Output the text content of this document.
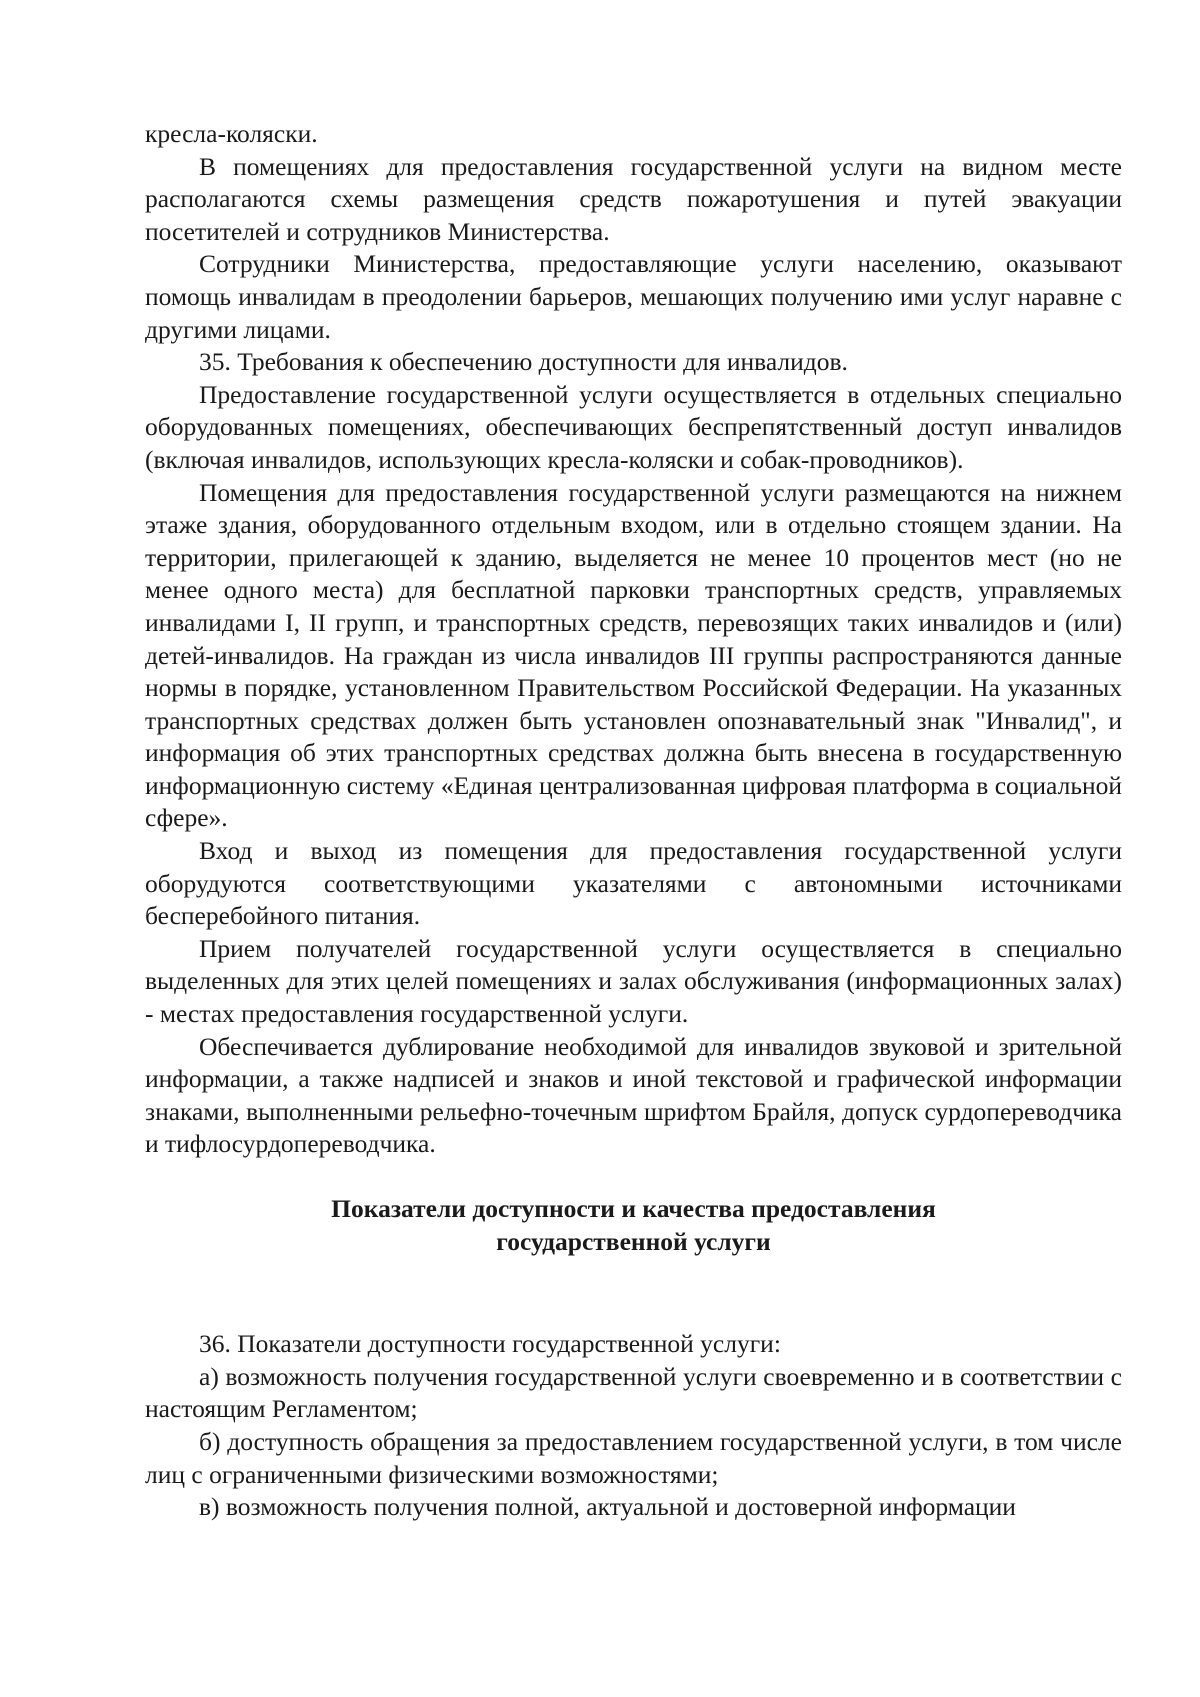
кресла-коляски.

В помещениях для предоставления государственной услуги на видном месте располагаются схемы размещения средств пожаротушения и путей эвакуации посетителей и сотрудников Министерства.

Сотрудники Министерства, предоставляющие услуги населению, оказывают помощь инвалидам в преодолении барьеров, мешающих получению ими услуг наравне с другими лицами.

35. Требования к обеспечению доступности для инвалидов.

Предоставление государственной услуги осуществляется в отдельных специально оборудованных помещениях, обеспечивающих беспрепятственный доступ инвалидов (включая инвалидов, использующих кресла-коляски и собак-проводников).

Помещения для предоставления государственной услуги размещаются на нижнем этаже здания, оборудованного отдельным входом, или в отдельно стоящем здании. На территории, прилегающей к зданию, выделяется не менее 10 процентов мест (но не менее одного места) для бесплатной парковки транспортных средств, управляемых инвалидами I, II групп, и транспортных средств, перевозящих таких инвалидов и (или) детей-инвалидов. На граждан из числа инвалидов III группы распространяются данные нормы в порядке, установленном Правительством Российской Федерации. На указанных транспортных средствах должен быть установлен опознавательный знак "Инвалид", и информация об этих транспортных средствах должна быть внесена в государственную информационную систему «Единая централизованная цифровая платформа в социальной сфере».

Вход и выход из помещения для предоставления государственной услуги оборудуются соответствующими указателями с автономными источниками бесперебойного питания.

Прием получателей государственной услуги осуществляется в специально выделенных для этих целей помещениях и залах обслуживания (информационных залах) - местах предоставления государственной услуги.

Обеспечивается дублирование необходимой для инвалидов звуковой и зрительной информации, а также надписей и знаков и иной текстовой и графической информации знаками, выполненными рельефно-точечным шрифтом Брайля, допуск сурдопереводчика и тифлосурдопереводчика.

Показатели доступности и качества предоставления
государственной услуги

36. Показатели доступности государственной услуги:

а) возможность получения государственной услуги своевременно и в соответствии с настоящим Регламентом;

б) доступность обращения за предоставлением государственной услуги, в том числе лиц с ограниченными физическими возможностями;

в) возможность получения полной, актуальной и достоверной информации
